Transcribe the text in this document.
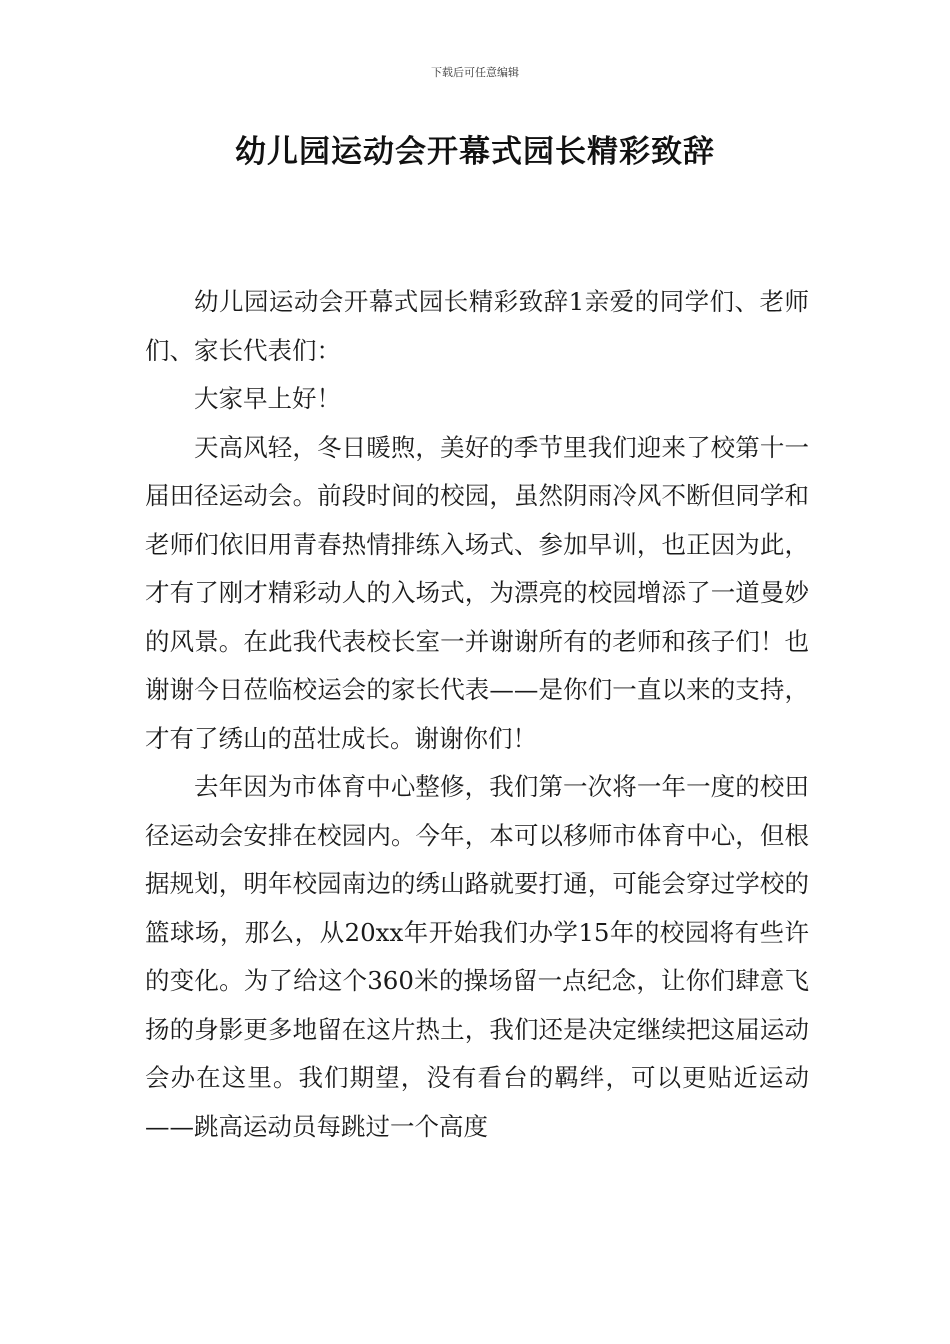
下载后可任意编辑
幼儿园运动会开幕式园长精彩致辞

幼儿园运动会开幕式园长精彩致辞1亲爱的同学们、老师们、家长代表们：

大家早上好！

天高风轻，冬日暖煦，美好的季节里我们迎来了校第十一届田径运动会。前段时间的校园，虽然阴雨冷风不断但同学和老师们依旧用青春热情排练入场式、参加早训，也正因为此，才有了刚才精彩动人的入场式，为漂亮的校园增添了一道曼妙的风景。在此我代表校长室一并谢谢所有的老师和孩子们！也谢谢今日莅临校运会的家长代表——是你们一直以来的支持，才有了绣山的茁壮成长。谢谢你们！

去年因为市体育中心整修，我们第一次将一年一度的校田径运动会安排在校园内。今年，本可以移师市体育中心，但根据规划，明年校园南边的绣山路就要打通，可能会穿过学校的篮球场，那么，从20xx年开始我们办学15年的校园将有些许的变化。为了给这个360米的操场留一点纪念，让你们肆意飞扬的身影更多地留在这片热土，我们还是决定继续把这届运动会办在这里。我们期望，没有看台的羁绊，可以更贴近运动——跳高运动员每跳过一个高度
